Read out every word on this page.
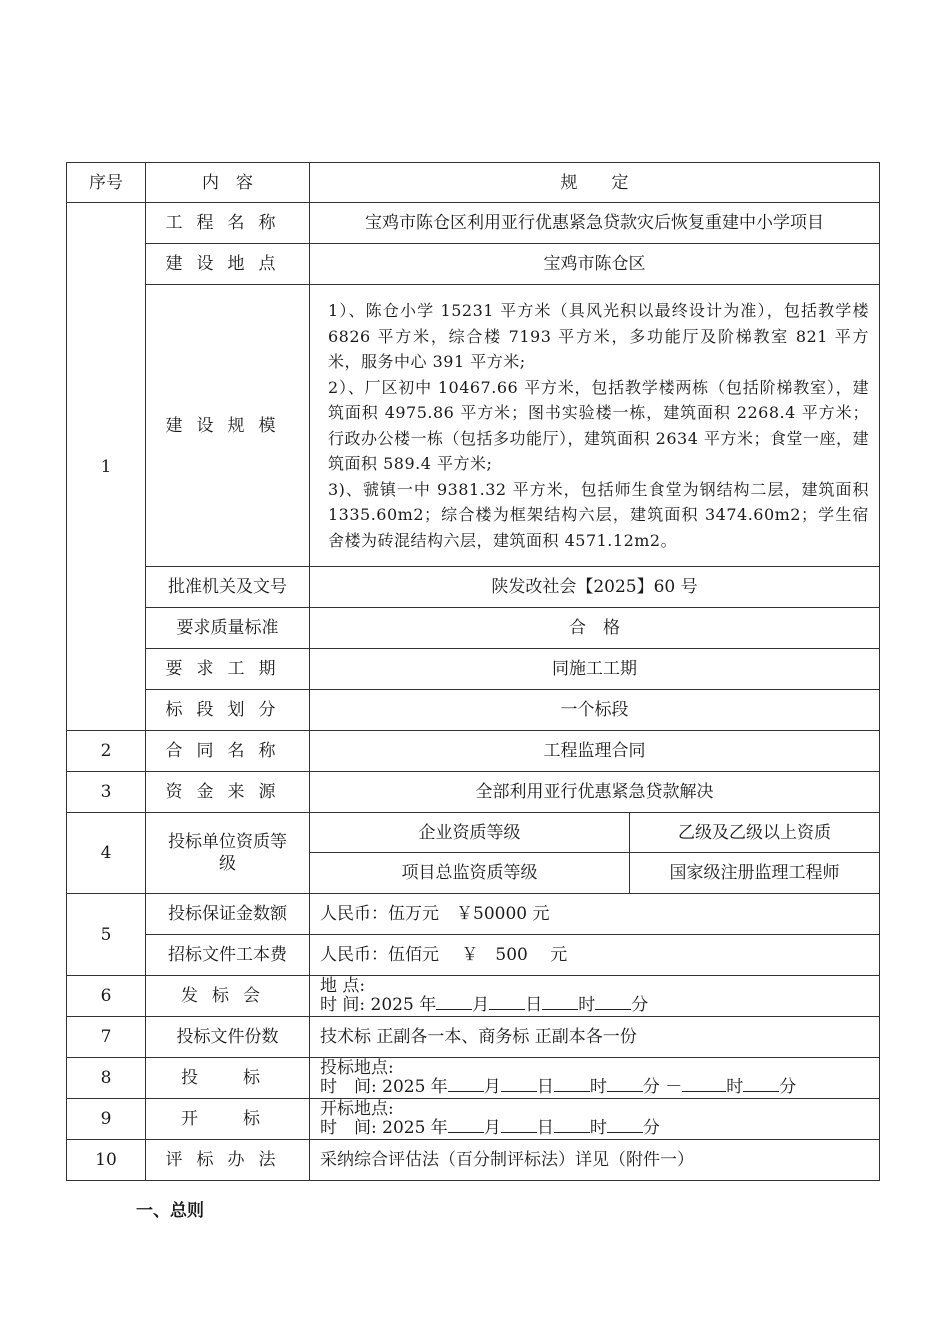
序号	内　容	规　　定	
1	工程名称	宝鸡市陈仓区利用亚行优惠紧急贷款灾后恢复重建中小学项目	
	建设地点	宝鸡市陈仓区	
	建设规模	1）、陈仓小学 15231 平方米（具风光积以最终设计为准），包括教学楼 6826 平方米，综合楼 7193 平方米，多功能厅及阶梯教室 821 平方米，服务中心 391 平方米;

2）、厂区初中 10467.66 平方米，包括教学楼两栋（包括阶梯教室），建筑面积 4975.86 平方米；图书实验楼一栋，建筑面积 2268.4 平方米；行政办公楼一栋（包括多功能厅），建筑面积 2634 平方米；食堂一座，建筑面积 589.4 平方米;

3)、虢镇一中 9381.32 平方米，包括师生食堂为钢结构二层，建筑面积 1335.60m2；综合楼为框架结构六层，建筑面积 3474.60m2；学生宿舍楼为砖混结构六层，建筑面积 4571.12m2。	

	批准机关及文号	陕发改社会【2025】60 号	
	要求质量标准	合　格	
	要求工期	同施工工期	
	标段划分	一个标段	

2	合同名称	工程监理合同	
3	资金来源	全部利用亚行优惠紧急贷款解决	
4	投标单位资质等级	企业资质等级	乙级及乙级以上资质
		项目总监资质等级	国家级注册监理工程师
5	投标保证金数额	人民币：伍万元　￥50000 元	
	招标文件工本费	人民币：伍佰元　 ￥　500　 元	
6	发标会	地 点:
时 间: 2025 年 月 日 时 分	

7	投标文件份数	技术标 正副各一本、商务标 正副本各一份	
8	投　标	投标地点:
时　间: 2025 年 月 日 时 分 － 时 分	

9	开　标	开标地点:
时　间: 2025 年 月 日 时 分	

10	评标办法	采纳综合评估法（百分制评标法）详见（附件一）	
一、总则
